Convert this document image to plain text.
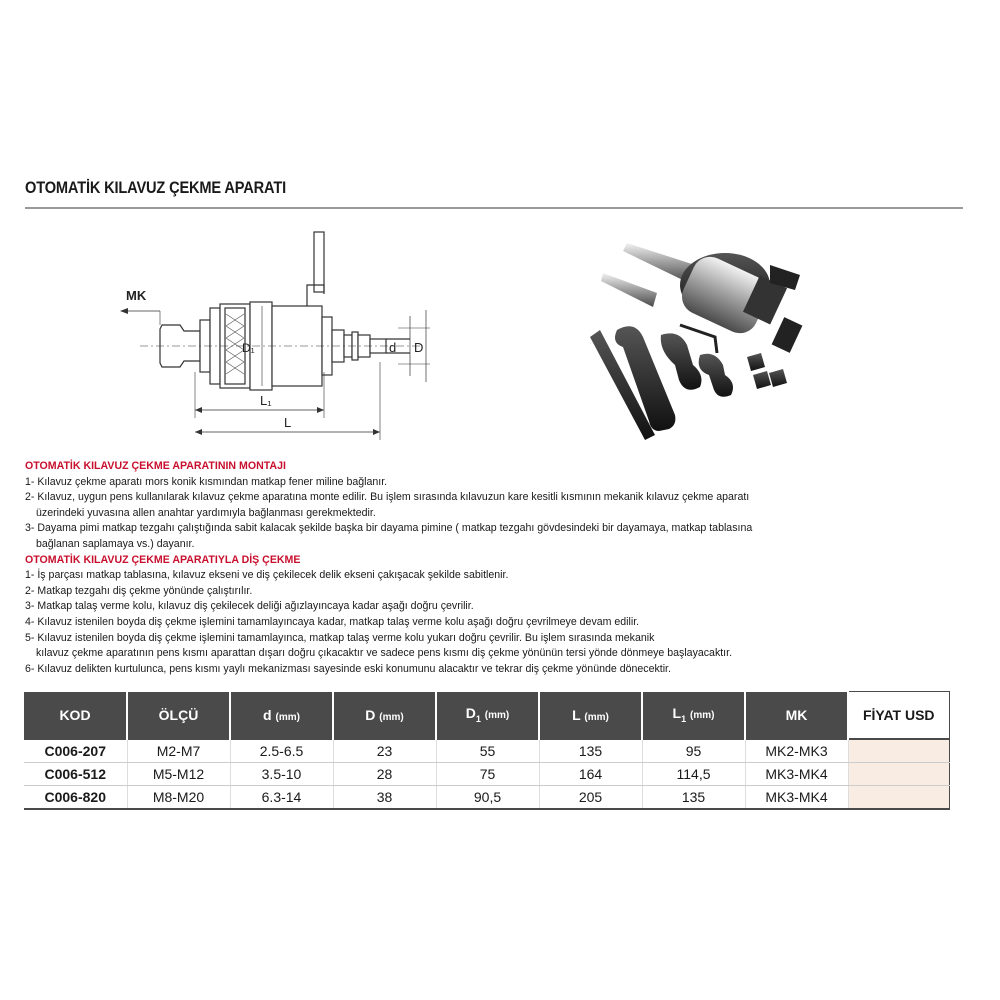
OTOMATİK KILAVUZ ÇEKME APARATI
MK
D₁	d D
L₁
L
OTOMATİK KILAVUZ ÇEKME APARATININ MONTAJI
1- Kılavuz çekme aparatı mors konik kısmından matkap fener miline bağlanır.
2- Kılavuz, uygun pens kullanılarak kılavuz çekme aparatına monte edilir. Bu işlem sırasında kılavuzun kare kesitli kısmının mekanik kılavuz çekme aparatı
üzerindeki yuvasına allen anahtar yardımıyla bağlanması gerekmektedir.
3- Dayama pimi matkap tezgahı çalıştığında sabit kalacak şekilde başka bir dayama pimine ( matkap tezgahı gövdesindeki bir dayamaya, matkap tablasına
bağlanan saplamaya vs.) dayanır.
OTOMATİK KILAVUZ ÇEKME APARATIYLA DİŞ ÇEKME
1- İş parçası matkap tablasına, kılavuz ekseni ve diş çekilecek delik ekseni çakışacak şekilde sabitlenir.
2- Matkap tezgahı diş çekme yönünde çalıştırılır.
3- Matkap talaş verme kolu, kılavuz diş çekilecek deliği ağızlayıncaya kadar aşağı doğru çevrilir.
4- Kılavuz istenilen boyda diş çekme işlemini tamamlayıncaya kadar, matkap talaş verme kolu aşağı doğru çevrilmeye devam edilir.
5- Kılavuz istenilen boyda diş çekme işlemini tamamlayınca, matkap talaş verme kolu yukarı doğru çevrilir. Bu işlem sırasında mekanik
kılavuz çekme aparatının pens kısmı aparattan dışarı doğru çıkacaktır ve sadece pens kısmı diş çekme yönünün tersi yönde dönmeye başlayacaktır.
6- Kılavuz delikten kurtulunca, pens kısmı yaylı mekanizması sayesinde eski konumunu alacaktır ve tekrar diş çekme yönünde dönecektir.
KOD	ÖLÇÜ	d (mm)	D (mm)	$D_1$ (mm)	L (mm)	$L_1$ (mm)	MK	FİYAT USD
C006-207	M2-M7	2.5-6.5	23	55	135	95	MK2-MK3	
C006-512	M5-M12	3.5-10	28	75	164	114,5	MK3-MK4	
C006-820	M8-M20	6.3-14	38	90,5	205	135	MK3-MK4	
